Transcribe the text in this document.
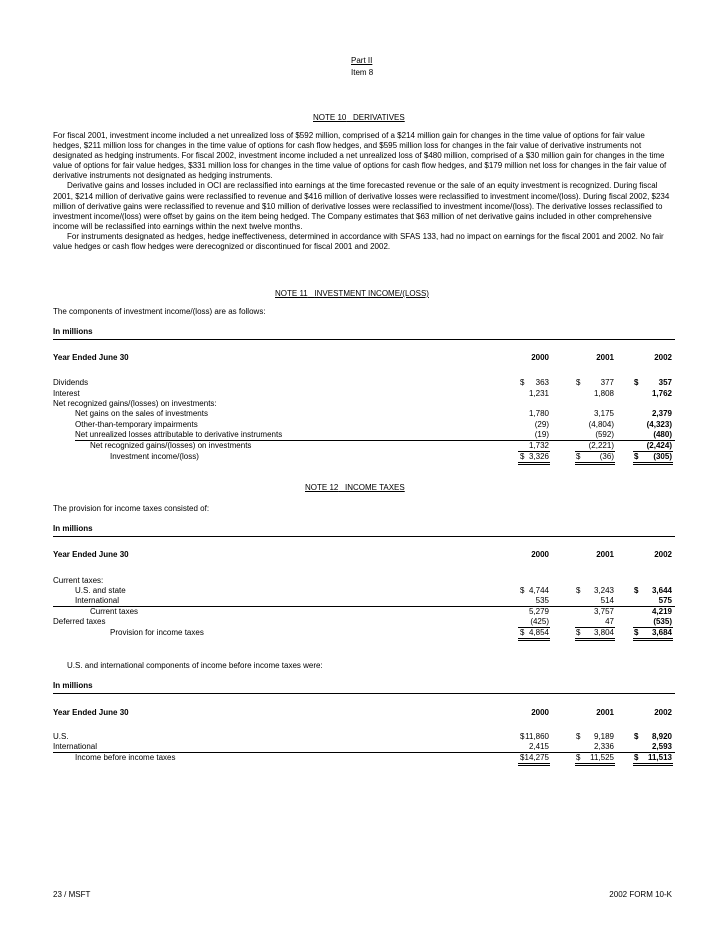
Part II
Item 8
NOTE 10 DERIVATIVES

For fiscal 2001, investment income included a net unrealized loss of $592 million, comprised of a $214 million gain for changes in the time value of options for fair value hedges, $211 million loss for changes in the time value of options for cash flow hedges, and $595 million loss for changes in the fair value of derivative instruments not designated as hedging instruments. For fiscal 2002, investment income included a net unrealized loss of $480 million, comprised of a $30 million gain for changes in the time value of options for fair value hedges, $331 million loss for changes in the time value of options for cash flow hedges, and $179 million net loss for changes in the fair value of derivative instruments not designated as hedging instruments.

Derivative gains and losses included in OCI are reclassified into earnings at the time forecasted revenue or the sale of an equity investment is recognized. During fiscal 2001, $214 million of derivative gains were reclassified to revenue and $416 million of derivative losses were reclassified to investment income/(loss). During fiscal 2002, $234 million of derivative gains were reclassified to revenue and $10 million of derivative losses were reclassified to investment income/(loss). The derivative losses reclassified to investment income/(loss) were offset by gains on the item being hedged. The Company estimates that $63 million of net derivative gains included in other comprehensive income will be reclassified into earnings within the next twelve months.

For instruments designated as hedges, hedge ineffectiveness, determined in accordance with SFAS 133, had no impact on earnings for the fiscal 2001 and 2002. No fair value hedges or cash flow hedges were derecognized or discontinued for fiscal 2001 and 2002.

NOTE 11 INVESTMENT INCOME/(LOSS)
The components of investment income/(loss) are as follows:
In millions
Year Ended June 30	2000	2001	2002
Dividends	$	363	$	377	$	357
Interest	1,231	1,808	1,762
Net recognized gains/(losses) on investments:
Net gains on the sales of investments	1,780	3,175	2,379
Other-than-temporary impairments	(29)	(4,804)	(4,323)
Net unrealized losses attributable to derivative instruments	(19)	(592)	(480)
Net recognized gains/(losses) on investments	1,732	(2,221)	(2,424)
Investment income/(loss)	$ 3,326	$	(36)	$	(305)
NOTE 12 INCOME TAXES
The provision for income taxes consisted of:
In millions
Year Ended June 30	2000	2001	2002
Current taxes:
U.S. and state	$ 4,744	$	3,243	$	3,644
International	535	514	575
Current taxes	5,279	3,757	4,219
Deferred taxes	(425)	47	(535)
Provision for income taxes	$ 4,854	$	3,804	$	3,684
U.S. and international components of income before income taxes were:
In millions
Year Ended June 30	2000	2001	2002
U.S.	$ 11,860	$	9,189	$	8,920
International	2,415	2,336	2,593
Income before income taxes	$ 14,275	$	11,525	$	11,513
23 / MSFT	2002 FORM 10-K
